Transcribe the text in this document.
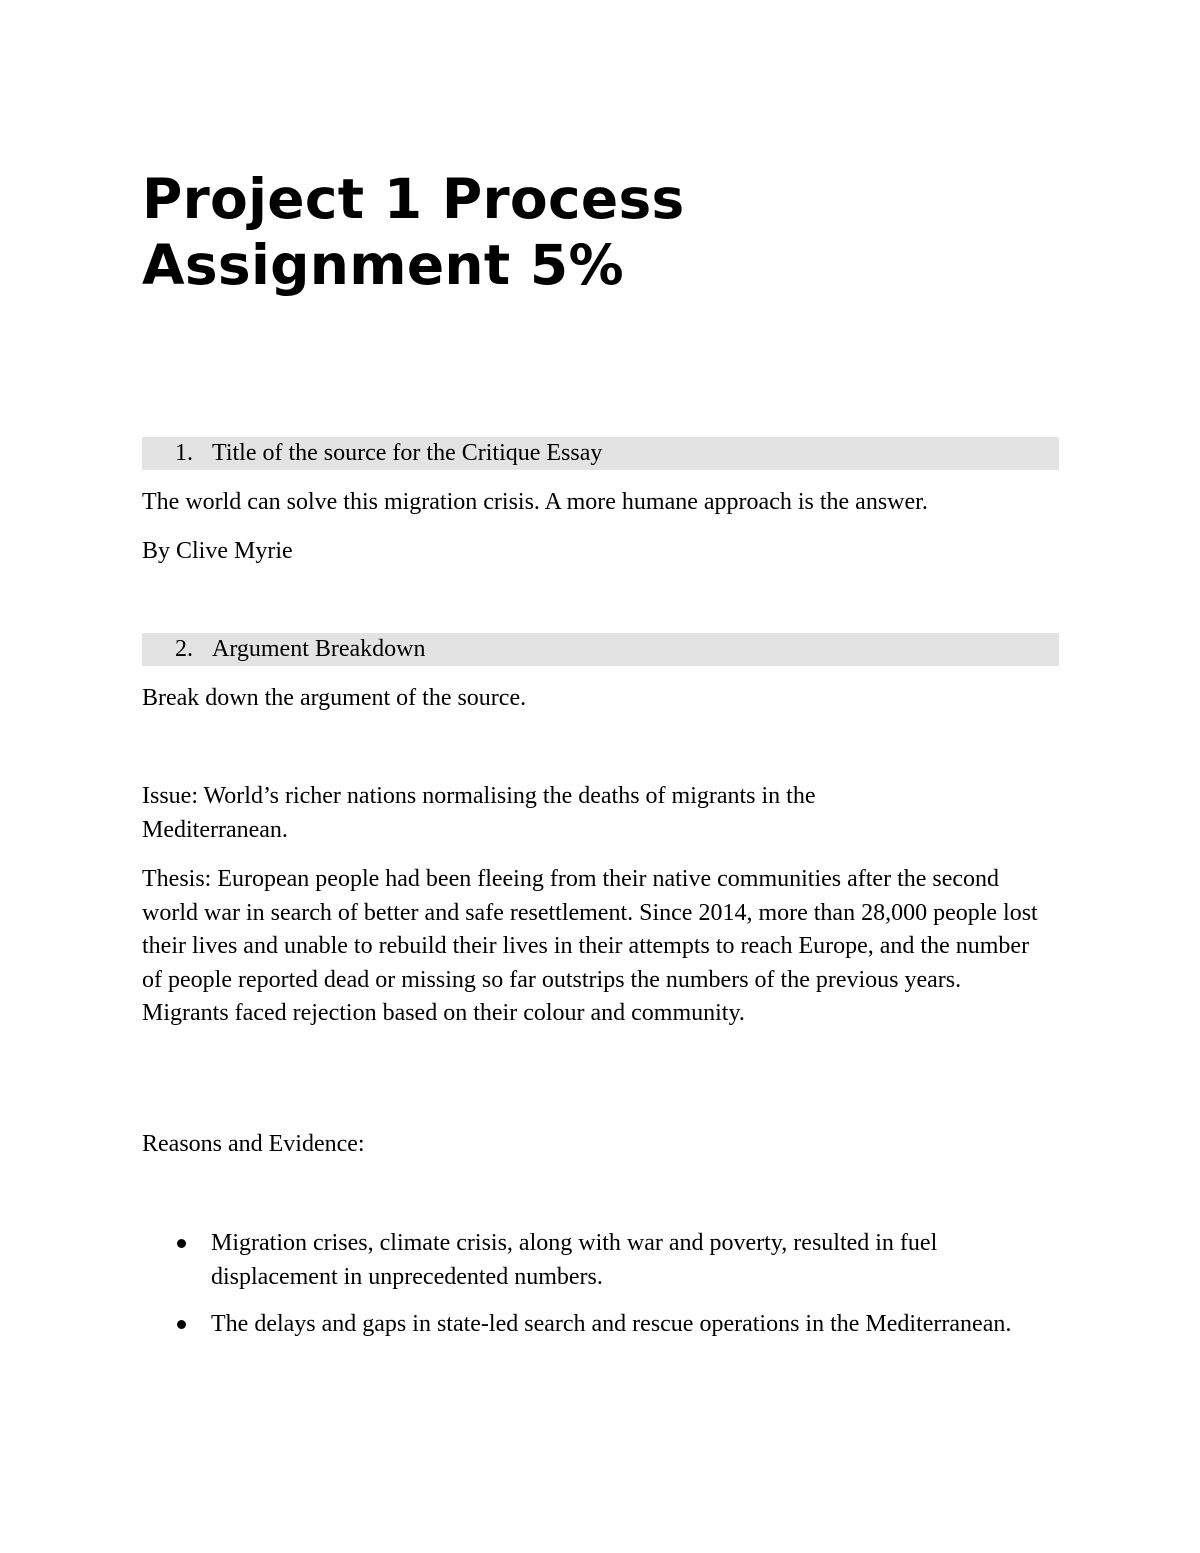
Project 1 Process
Assignment 5%
1. Title of the source for the Critique Essay

The world can solve this migration crisis. A more humane approach is the answer.

By Clive Myrie

2. Argument Breakdown

Break down the argument of the source.

Issue: World’s richer nations normalising the deaths of migrants in the Mediterranean.

Thesis: European people had been fleeing from their native communities after the second world war in search of better and safe resettlement. Since 2014, more than 28,000 people lost their lives and unable to rebuild their lives in their attempts to reach Europe, and the number of people reported dead or missing so far outstrips the numbers of the previous years. Migrants faced rejection based on their colour and community.

Reasons and Evidence:

Migration crises, climate crisis, along with war and poverty, resulted in fuel displacement in unprecedented numbers.
The delays and gaps in state-led search and rescue operations in the Mediterranean.
